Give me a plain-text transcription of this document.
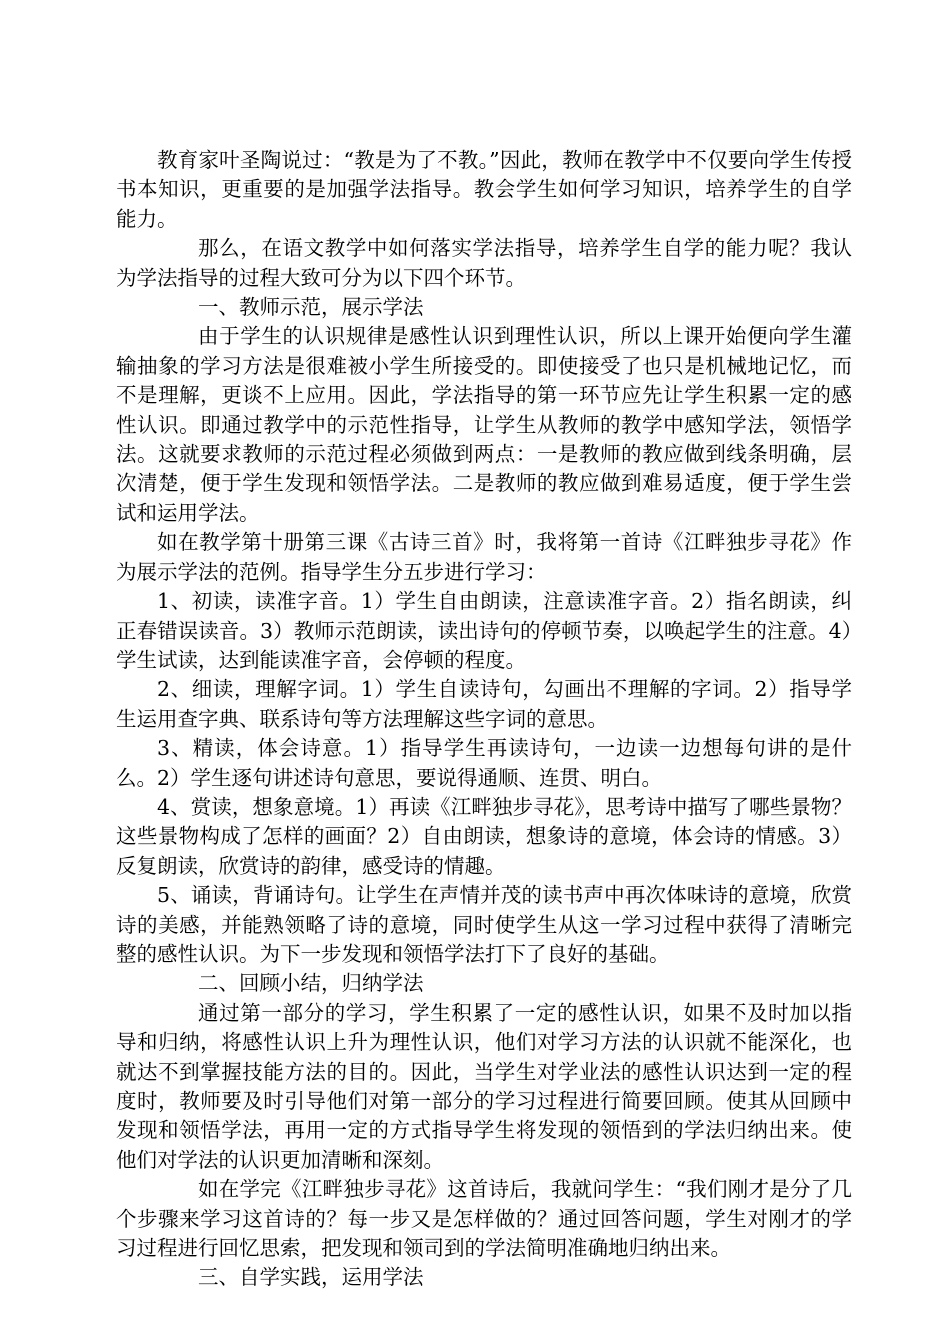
教育家叶圣陶说过：“教是为了不教。”因此，教师在教学中不仅要向学生传授书本知识，更重要的是加强学法指导。教会学生如何学习知识，培养学生的自学能力。

那么，在语文教学中如何落实学法指导，培养学生自学的能力呢？我认为学法指导的过程大致可分为以下四个环节。

一、教师示范，展示学法

由于学生的认识规律是感性认识到理性认识，所以上课开始便向学生灌输抽象的学习方法是很难被小学生所接受的。即使接受了也只是机械地记忆，而不是理解，更谈不上应用。因此，学法指导的第一环节应先让学生积累一定的感性认识。即通过教学中的示范性指导，让学生从教师的教学中感知学法，领悟学法。这就要求教师的示范过程必须做到两点：一是教师的教应做到线条明确，层次清楚，便于学生发现和领悟学法。二是教师的教应做到难易适度，便于学生尝试和运用学法。

如在教学第十册第三课《古诗三首》时，我将第一首诗《江畔独步寻花》作为展示学法的范例。指导学生分五步进行学习：

1、初读，读准字音。1）学生自由朗读，注意读准字音。2）指名朗读，纠正春错误读音。3）教师示范朗读，读出诗句的停顿节奏，以唤起学生的注意。4）学生试读，达到能读准字音，会停顿的程度。

2、细读，理解字词。1）学生自读诗句，勾画出不理解的字词。2）指导学生运用查字典、联系诗句等方法理解这些字词的意思。

3、精读，体会诗意。1）指导学生再读诗句，一边读一边想每句讲的是什么。2）学生逐句讲述诗句意思，要说得通顺、连贯、明白。

4、赏读，想象意境。1）再读《江畔独步寻花》，思考诗中描写了哪些景物？这些景物构成了怎样的画面？2）自由朗读，想象诗的意境，体会诗的情感。3）反复朗读，欣赏诗的韵律，感受诗的情趣。

5、诵读，背诵诗句。让学生在声情并茂的读书声中再次体味诗的意境，欣赏诗的美感，并能熟领略了诗的意境，同时使学生从这一学习过程中获得了清晰完整的感性认识。为下一步发现和领悟学法打下了良好的基础。

二、回顾小结，归纳学法

通过第一部分的学习，学生积累了一定的感性认识，如果不及时加以指导和归纳，将感性认识上升为理性认识，他们对学习方法的认识就不能深化，也就达不到掌握技能方法的目的。因此，当学生对学业法的感性认识达到一定的程度时，教师要及时引导他们对第一部分的学习过程进行简要回顾。使其从回顾中发现和领悟学法，再用一定的方式指导学生将发现的领悟到的学法归纳出来。使他们对学法的认识更加清晰和深刻。

如在学完《江畔独步寻花》这首诗后，我就问学生：“我们刚才是分了几个步骤来学习这首诗的？每一步又是怎样做的？通过回答问题，学生对刚才的学习过程进行回忆思索，把发现和领司到的学法简明准确地归纳出来。

三、自学实践，运用学法
